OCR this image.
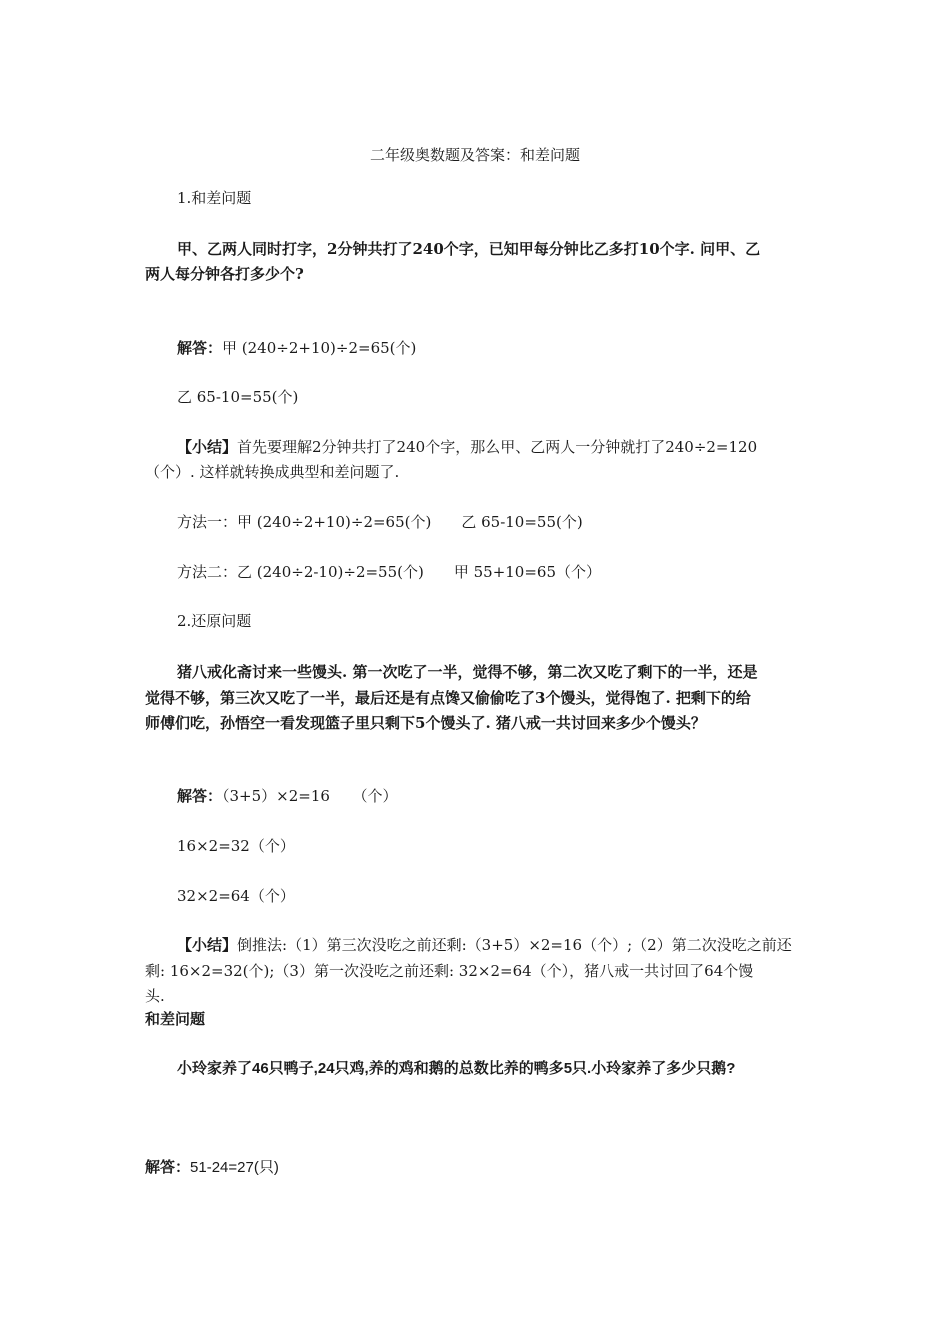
二年级奥数题及答案：和差问题
1.和差问题
甲、乙两人同时打字，2分钟共打了240个字，已知甲每分钟比乙多打10个字. 问甲、乙
两人每分钟各打多少个?
解答：甲 (240÷2+10)÷2=65(个)
乙 65-10=55(个)
【小结】首先要理解2分钟共打了240个字，那么甲、乙两人一分钟就打了240÷2=120
（个）. 这样就转换成典型和差问题了.
方法一：甲 (240÷2+10)÷2=65(个) 乙 65-10=55(个)
方法二：乙 (240÷2-10)÷2=55(个) 甲 55+10=65（个）
2.还原问题
猪八戒化斋讨来一些馒头. 第一次吃了一半，觉得不够，第二次又吃了剩下的一半，还是
觉得不够，第三次又吃了一半，最后还是有点馋又偷偷吃了3个馒头，觉得饱了. 把剩下的给
师傅们吃，孙悟空一看发现篮子里只剩下5个馒头了. 猪八戒一共讨回来多少个馒头？
解答：（3+5）×2=16　　（个）
16×2=32（个）
32×2=64（个）
【小结】倒推法:（1）第三次没吃之前还剩:（3+5）×2=16（个）;（2）第二次没吃之前还
剩: 16×2=32(个);（3）第一次没吃之前还剩: 32×2=64（个），猪八戒一共讨回了64个馒
头.
和差问题
小玲家养了46只鸭子,24只鸡,养的鸡和鹅的总数比养的鸭多5只.小玲家养了多少只鹅?
解答：51-24=27(只)
